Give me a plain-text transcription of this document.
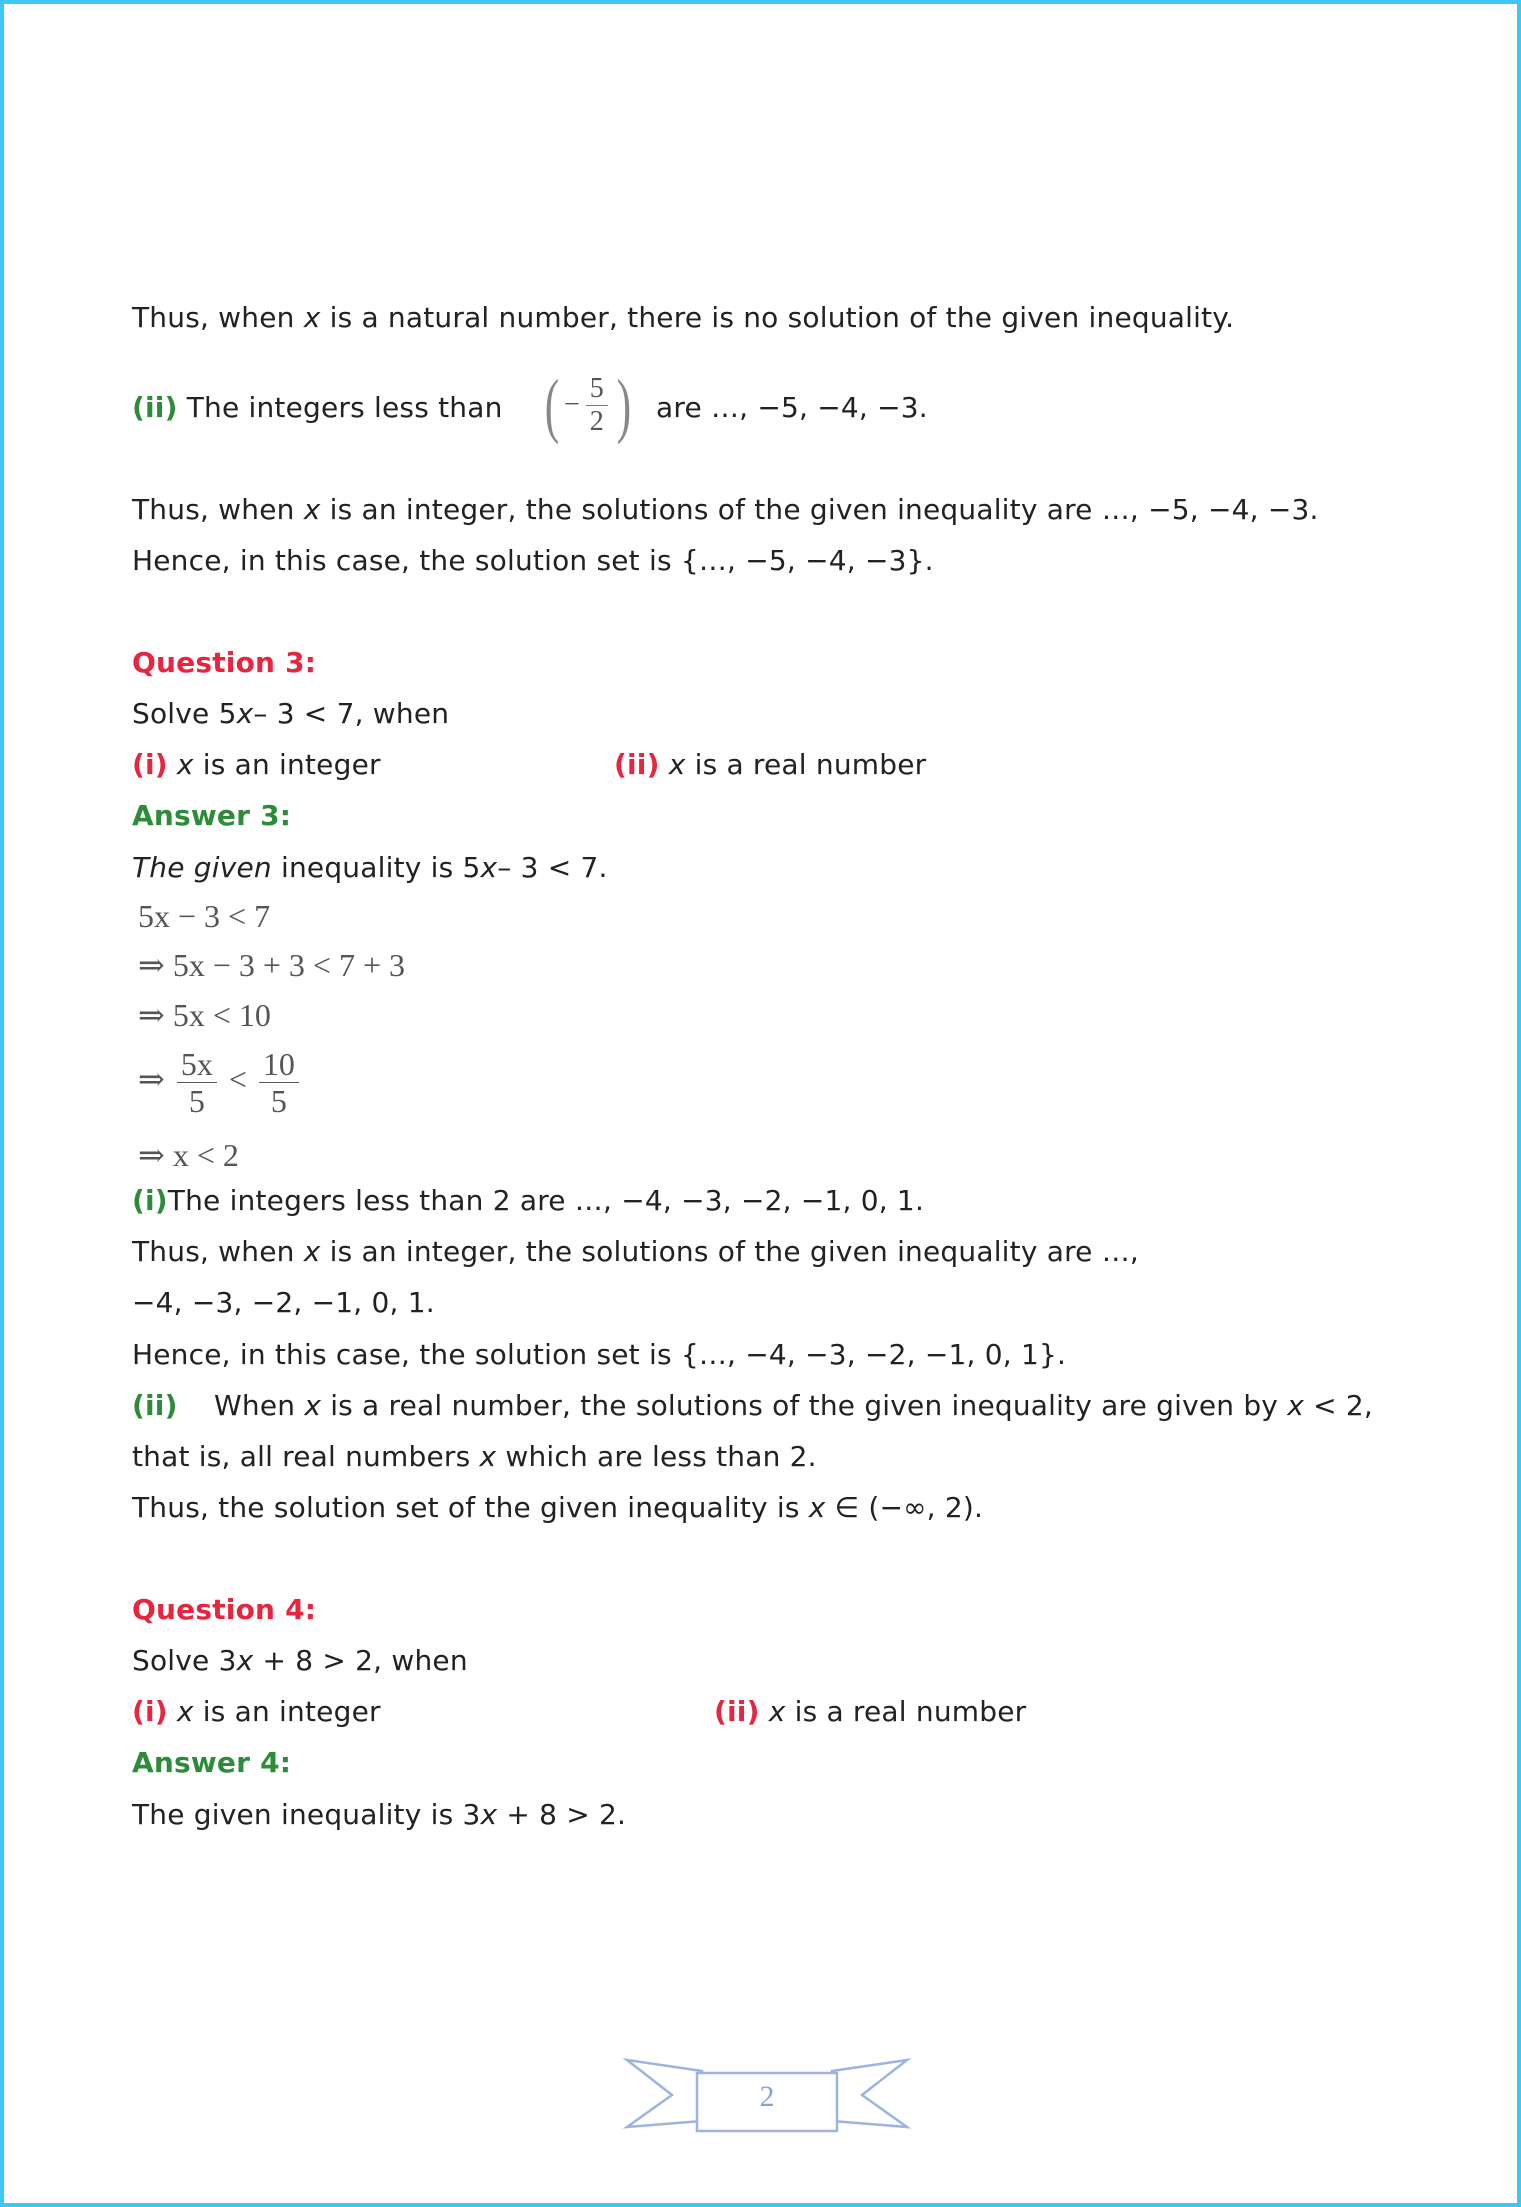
Thus, when x is a natural number, there is no solution of the given inequality.
(ii) The integers less than ( − $\frac{5}{2}$ ) are …, −5, −4, −3.
Thus, when x is an integer, the solutions of the given inequality are …, −5, −4, −3.
Hence, in this case, the solution set is {…, −5, −4, −3}.
Question 3:
Solve 5x– 3 < 7, when
(i) x is an integer	(ii) x is a real number
Answer 3:
The given inequality is 5x– 3 < 7.
5x − 3 < 7
⇒ 5x − 3 + 3 < 7 + 3
⇒ 5x < 10
⇒ $\frac{5x}{5} < \frac{10}{5}$
⇒ x < 2
(i)The integers less than 2 are …, −4, −3, −2, −1, 0, 1.
Thus, when x is an integer, the solutions of the given inequality are …,
−4, −3, −2, −1, 0, 1.
Hence, in this case, the solution set is {…, −4, −3, −2, −1, 0, 1}.
(ii) When x is a real number, the solutions of the given inequality are given by x < 2,
that is, all real numbers x which are less than 2.
Thus, the solution set of the given inequality is x ∈ (−∞, 2).
Question 4:
Solve 3x + 8 > 2, when
(i) x is an integer	(ii) x is a real number
Answer 4:
The given inequality is 3x + 8 > 2.
2
